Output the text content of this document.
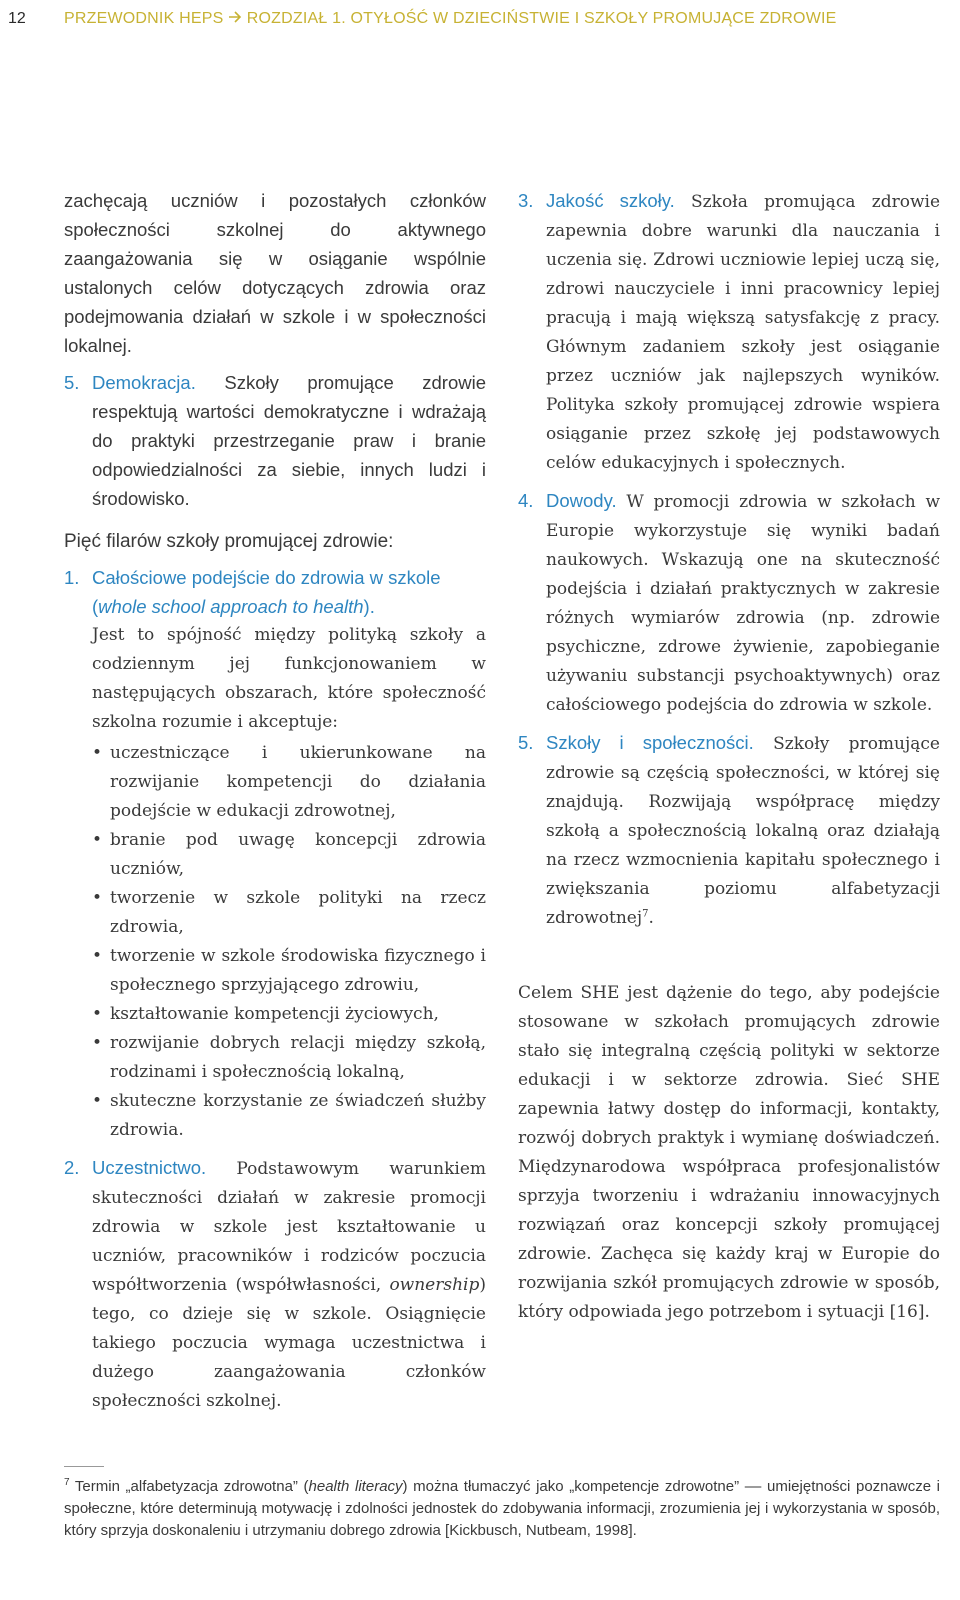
12 PRZEWODNIK HEPS ROZDZIAŁ 1. OTYŁOŚĆ W DZIECIŃSTWIE I SZKOŁY PROMUJĄCE ZDROWIE

zachęcają uczniów i pozostałych członków społeczności szkolnej do aktywnego zaangażowania się w osiąganie wspólnie ustalonych celów dotyczących zdrowia oraz podejmowania działań w szkole i w społeczności lokalnej.

5. Demokracja. Szkoły promujące zdrowie respektują wartości demokratyczne i wdrażają do praktyki przestrzeganie praw i branie odpowiedzialności za siebie, innych ludzi i środowisko.

Pięć filarów szkoły promującej zdrowie:

1. Całościowe podejście do zdrowia w szkole (whole school approach to health).
Jest to spójność między polityką szkoły a codziennym jej funkcjonowaniem w następujących obszarach, które społeczność szkolna rozumie i akceptuje:
• uczestniczące i ukierunkowane na rozwijanie kompetencji do działania podejście w edukacji zdrowotnej,
• branie pod uwagę koncepcji zdrowia uczniów,
• tworzenie w szkole polityki na rzecz zdrowia,
• tworzenie w szkole środowiska fizycznego i społecznego sprzyjającego zdrowiu,
• kształtowanie kompetencji życiowych,
• rozwijanie dobrych relacji między szkołą, rodzinami i społecznością lokalną,
• skuteczne korzystanie ze świadczeń służby zdrowia.
2. Uczestnictwo. Podstawowym warunkiem skuteczności działań w zakresie promocji zdrowia w szkole jest kształtowanie u uczniów, pracowników i rodziców poczucia współtworzenia (współwłasności, ownership) tego, co dzieje się w szkole. Osiągnięcie takiego poczucia wymaga uczestnictwa i dużego zaangażowania członków społeczności szkolnej.
3. Jakość szkoły. Szkoła promująca zdrowie zapewnia dobre warunki dla nauczania i uczenia się. Zdrowi uczniowie lepiej uczą się, zdrowi nauczyciele i inni pracownicy lepiej pracują i mają większą satysfakcję z pracy. Głównym zadaniem szkoły jest osiąganie przez uczniów jak najlepszych wyników. Polityka szkoły promującej zdrowie wspiera osiąganie przez szkołę jej podstawowych celów edukacyjnych i społecznych.
4. Dowody. W promocji zdrowia w szkołach w Europie wykorzystuje się wyniki badań naukowych. Wskazują one na skuteczność podejścia i działań praktycznych w zakresie różnych wymiarów zdrowia (np. zdrowie psychiczne, zdrowe żywienie, zapobieganie używaniu substancji psychoaktywnych) oraz całościowego podejścia do zdrowia w szkole.
5. Szkoły i społeczności. Szkoły promujące zdrowie są częścią społeczności, w której się znajdują. Rozwijają współpracę między szkołą a społecznością lokalną oraz działają na rzecz wzmocnienia kapitału społecznego i zwiększania poziomu alfabetyzacji zdrowotnej$^7$.

Celem SHE jest dążenie do tego, aby podejście stosowane w szkołach promujących zdrowie stało się integralną częścią polityki w sektorze edukacji i w sektorze zdrowia. Sieć SHE zapewnia łatwy dostęp do informacji, kontakty, rozwój dobrych praktyk i wymianę doświadczeń. Międzynarodowa współpraca profesjonalistów sprzyja tworzeniu i wdrażaniu innowacyjnych rozwiązań oraz koncepcji szkoły promującej zdrowie. Zachęca się każdy kraj w Europie do rozwijania szkół promujących zdrowie w sposób, który odpowiada jego potrzebom i sytuacji [16].

$^7$ Termin „alfabetyzacja zdrowotna” (health literacy) można tłumaczyć jako „kompetencje zdrowotne” –– umiejętności poznawcze i społeczne, które determinują motywację i zdolności jednostek do zdobywania informacji, zrozumienia jej i wykorzystania w sposób, który sprzyja doskonaleniu i utrzymaniu dobrego zdrowia [Kickbusch, Nutbeam, 1998].
